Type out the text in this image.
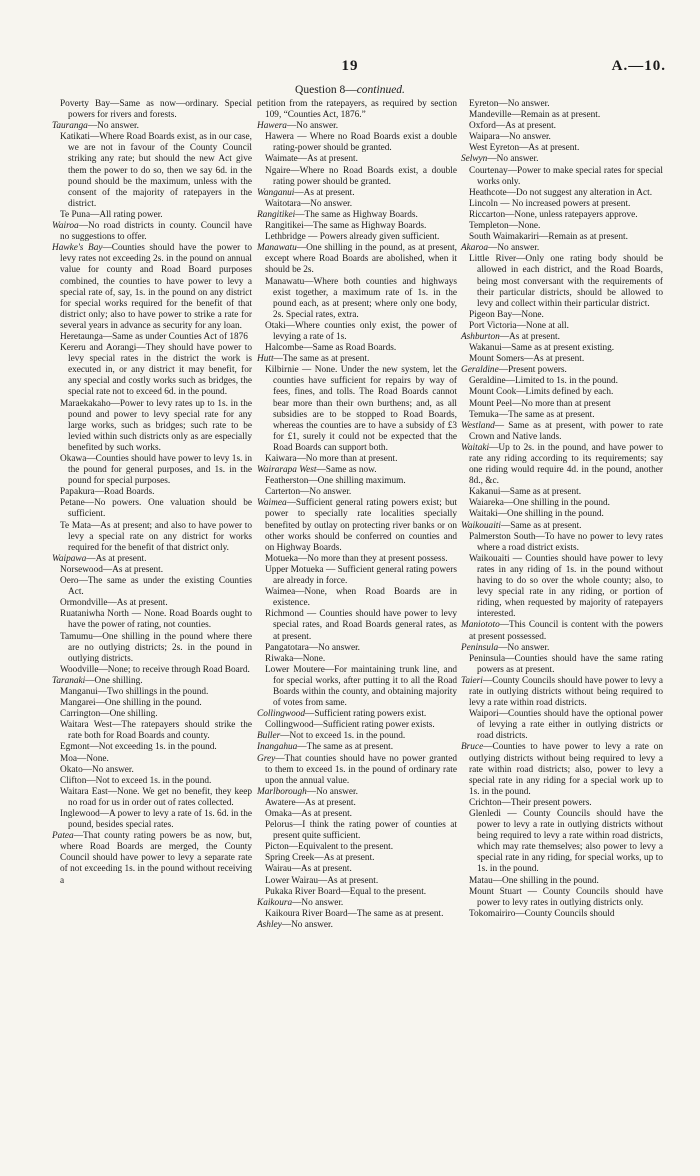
19	A.—10.
Question 8—continued.

Poverty Bay—Same as now—ordinary. Special powers for rivers and forests.

Tauranga—No answer.

Katikati—Where Road Boards exist, as in our case, we are not in favour of the County Council striking any rate; but should the new Act give them the power to do so, then we say 6d. in the pound should be the maximum, unless with the consent of the majority of ratepayers in the district.

Te Puna—All rating power.

Wairoa—No road districts in county. Council have no suggestions to offer.

Hawke's Bay—Counties should have the power to levy rates not exceeding 2s. in the pound on annual value for county and Road Board purposes combined, the counties to have power to levy a special rate of, say, 1s. in the pound on any district for special works required for the benefit of that district only; also to have power to strike a rate for several years in advance as security for any loan.

Heretaunga—Same as under Counties Act of 1876

Kereru and Aorangi—They should have power to levy special rates in the district the work is executed in, or any district it may benefit, for any special and costly works such as bridges, the special rate not to exceed 6d. in the pound.

Maraekakaho—Power to levy rates up to 1s. in the pound and power to levy special rate for any large works, such as bridges; such rate to be levied within such districts only as are especially benefited by such works.

Okawa—Counties should have power to levy 1s. in the pound for general purposes, and 1s. in the pound for special purposes.

Papakura—Road Boards.

Petane—No powers. One valuation should be sufficient.

Te Mata—As at present; and also to have power to levy a special rate on any district for works required for the benefit of that district only.

Waipawa—As at present.

Norsewood—As at present.

Oero—The same as under the existing Counties Act.

Ormondville—As at present.

Ruataniwha North — None. Road Boards ought to have the power of rating, not counties.

Tamumu—One shilling in the pound where there are no outlying districts; 2s. in the pound in outlying districts.

Woodville—None; to receive through Road Board.

Taranaki—One shilling.

Manganui—Two shillings in the pound.

Mangarei—One shilling in the pound.

Carrington—One shilling.

Waitara West—The ratepayers should strike the rate both for Road Boards and county.

Egmont—Not exceeding 1s. in the pound.

Moa—None.

Okato—No answer.

Clifton—Not to exceed 1s. in the pound.

Waitara East—None. We get no benefit, they keep no road for us in order out of rates collected.

Inglewood—A power to levy a rate of 1s. 6d. in the pound, besides special rates.

Patea—That county rating powers be as now, but, where Road Boards are merged, the County Council should have power to levy a separate rate of not exceeding 1s. in the pound without receiving a

petition from the ratepayers, as required by section 109, “Counties Act, 1876.”

Hawera—No answer.

Hawera — Where no Road Boards exist a double rating-power should be granted.

Waimate—As at present.

Ngaire—Where no Road Boards exist, a double rating power should be granted.

Wanganui—As at present.

Waitotara—No answer.

Rangitikei—The same as Highway Boards.

Rangitikei—The same as Highway Boards.

Lethbridge — Powers already given sufficient.

Manawatu—One shilling in the pound, as at present, except where Road Boards are abolished, when it should be 2s.

Manawatu—Where both counties and highways exist together, a maximum rate of 1s. in the pound each, as at present; where only one body, 2s. Special rates, extra.

Otaki—Where counties only exist, the power of levying a rate of 1s.

Halcombe—Same as Road Boards.

Hutt—The same as at present.

Kilbirnie — None. Under the new system, let the counties have sufficient for repairs by way of fees, fines, and tolls. The Road Boards cannot bear more than their own burthens; and, as all subsidies are to be stopped to Road Boards, whereas the counties are to have a subsidy of £3 for £1, surely it could not be expected that the Road Boards can support both.

Kaiwara—No more than at present.

Wairarapa West—Same as now.

Featherston—One shilling maximum.

Carterton—No answer.

Waimea—Sufficient general rating powers exist; but power to specially rate localities specially benefited by outlay on protecting river banks or on other works should be conferred on counties and on Highway Boards.

Motueka—No more than they at present possess.

Upper Motueka — Sufficient general rating powers are already in force.

Waimea—None, when Road Boards are in existence.

Richmond — Counties should have power to levy special rates, and Road Boards general rates, as at present.

Pangatotara—No answer.

Riwaka—None.

Lower Moutere—For maintaining trunk line, and for special works, after putting it to all the Road Boards within the county, and obtaining majority of votes from same.

Collingwood—Sufficient rating powers exist.

Collingwood—Sufficient rating power exists.

Buller—Not to exceed 1s. in the pound.

Inangahua—The same as at present.

Grey—That counties should have no power granted to them to exceed 1s. in the pound of ordinary rate upon the annual value.

Marlborough—No answer.

Awatere—As at present.

Omaka—As at present.

Pelorus—I think the rating power of counties at present quite sufficient.

Picton—Equivalent to the present.

Spring Creek—As at present.

Wairau—As at present.

Lower Wairau—As at present.

Pukaka River Board—Equal to the present.

Kaikoura—No answer.

Kaikoura River Board—The same as at present.

Ashley—No answer.

Eyreton—No answer.

Mandeville—Remain as at present.

Oxford—As at present.

Waipara—No answer.

West Eyreton—As at present.

Selwyn—No answer.

Courtenay—Power to make special rates for special works only.

Heathcote—Do not suggest any alteration in Act.

Lincoln — No increased powers at present.

Riccarton—None, unless ratepayers approve.

Templeton—None.

South Waimakariri—Remain as at present.

Akaroa—No answer.

Little River—Only one rating body should be allowed in each district, and the Road Boards, being most conversant with the requirements of their particular districts, should be allowed to levy and collect within their particular district.

Pigeon Bay—None.

Port Victoria—None at all.

Ashburton—As at present.

Wakanui—Same as at present existing.

Mount Somers—As at present.

Geraldine—Present powers.

Geraldine—Limited to 1s. in the pound.

Mount Cook—Limits defined by each.

Mount Peel—No more than at present

Temuka—The same as at present.

Westland— Same as at present, with power to rate Crown and Native lands.

Waitaki—Up to 2s. in the pound, and have power to rate any riding according to its requirements; say one riding would require 4d. in the pound, another 8d., &c.

Kakanui—Same as at present.

Waiareka—One shilling in the pound.

Waitaki—One shilling in the pound.

Waikouaiti—Same as at present.

Palmerston South—To have no power to levy rates where a road district exists.

Waikouaiti — Counties should have power to levy rates in any riding of 1s. in the pound without having to do so over the whole county; also, to levy special rate in any riding, or portion of riding, when requested by majority of ratepayers interested.

Maniototo—This Council is content with the powers at present possessed.

Peninsula—No answer.

Peninsula—Counties should have the same rating powers as at present.

Taieri—County Councils should have power to levy a rate in outlying districts without being required to levy a rate within road districts.

Waipori—Counties should have the optional power of levying a rate either in outlying districts or road districts.

Bruce—Counties to have power to levy a rate on outlying districts without being required to levy a rate within road districts; also, power to levy a special rate in any riding for a special work up to 1s. in the pound.

Crichton—Their present powers.

Glenledi — County Councils should have the power to levy a rate in outlying districts without being required to levy a rate within road districts, which may rate themselves; also power to levy a special rate in any riding, for special works, up to 1s. in the pound.

Matau—One shilling in the pound.

Mount Stuart — County Councils should have power to levy rates in outlying districts only.

Tokomairiro—County Councils should
